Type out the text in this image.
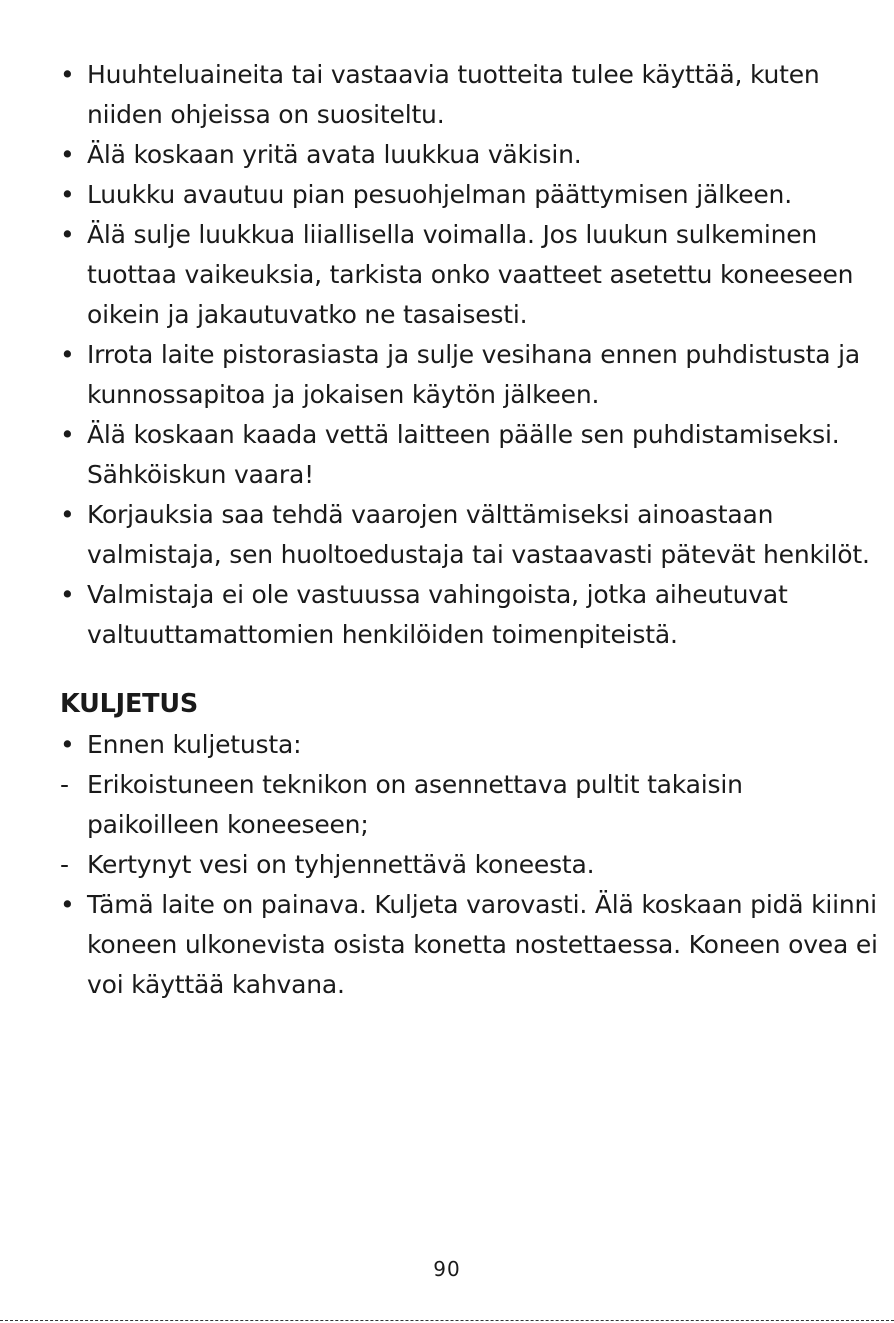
• Huuhteluaineita tai vastaavia tuotteita tulee käyttää, kuten niiden ohjeissa on suositeltu.
• Älä koskaan yritä avata luukkua väkisin.
• Luukku avautuu pian pesuohjelman päättymisen jälkeen.
• Älä sulje luukkua liiallisella voimalla. Jos luukun sulkeminen tuottaa vaikeuksia, tarkista onko vaatteet asetettu koneeseen oikein ja jakautuvatko ne tasaisesti.
• Irrota laite pistorasiasta ja sulje vesihana ennen puhdistusta ja kunnossapitoa ja jokaisen käytön jälkeen.
• Älä koskaan kaada vettä laitteen päälle sen puhdistamiseksi. Sähköiskun vaara!
• Korjauksia saa tehdä vaarojen välttämiseksi ainoastaan valmistaja, sen huoltoedustaja tai vastaavasti pätevät henkilöt.
• Valmistaja ei ole vastuussa vahingoista, jotka aiheutuvat valtuuttamattomien henkilöiden toimenpiteistä.
KULJETUS
• Ennen kuljetusta:
- Erikoistuneen teknikon on asennettava pultit takaisin paikoilleen koneeseen;
- Kertynyt vesi on tyhjennettävä koneesta.
• Tämä laite on painava. Kuljeta varovasti. Älä koskaan pidä kiinni koneen ulkonevista osista konetta nostettaessa. Koneen ovea ei voi käyttää kahvana.
90
